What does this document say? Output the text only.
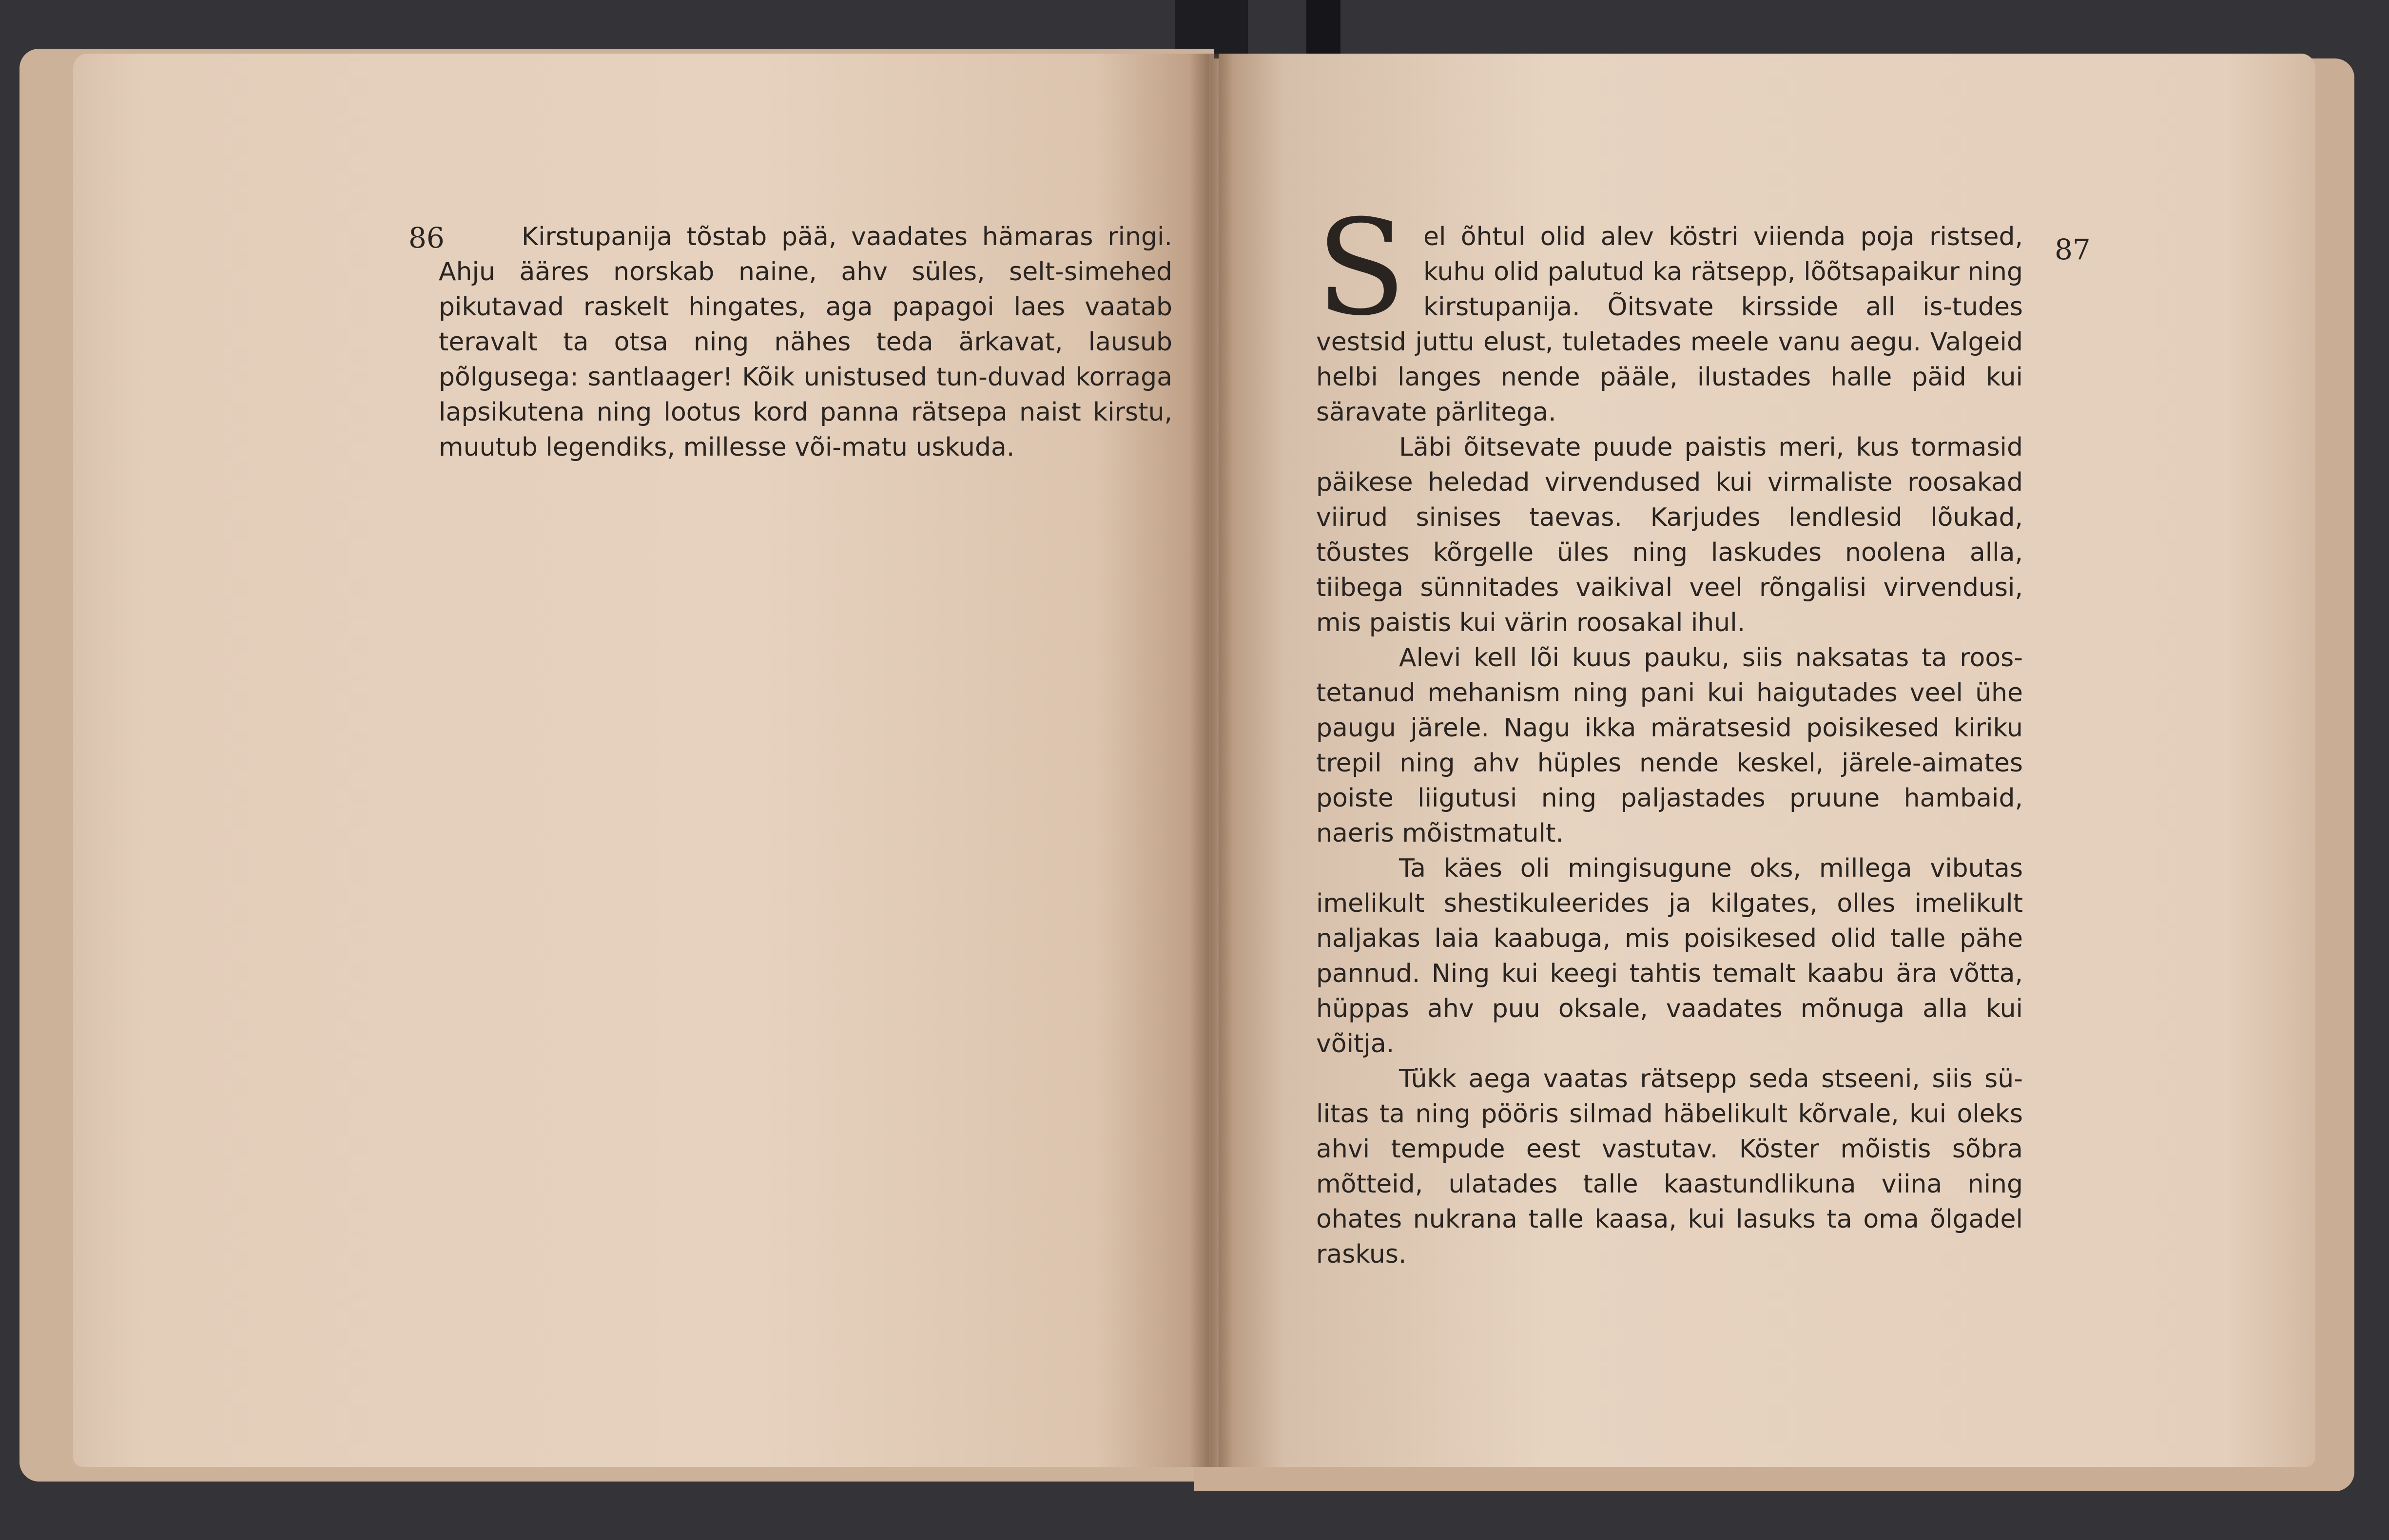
86	Kirstupanija tõstab pää, vaadates hämaras ringi. Ahju ääres norskab naine, ahv süles, selt-simehed pikutavad raskelt hingates, aga papagoi laes vaatab teravalt ta otsa ning nähes teda ärkavat, lausub põlgusega: santlaager! Kõik unistused tun-duvad korraga lapsikutena ning lootus kord panna rätsepa naist kirstu, muutub legendiks, millesse või-matu uskuda.

87

Sel õhtul olid alev köstri viienda poja ristsed, kuhu olid palutud ka rätsepp, lõõtsapaikur ning kirstupanija. Õitsvate kirsside all is-tudes vestsid juttu elust, tuletades meele vanu aegu. Valgeid helbi langes nende pääle, ilustades halle päid kui säravate pärlitega.

Läbi õitsevate puude paistis meri, kus tormasid päikese heledad virvendused kui virmaliste roosakad viirud sinises taevas. Karjudes lendlesid lõukad, tõustes kõrgelle üles ning laskudes noolena alla, tiibega sünnitades vaikival veel rõngalisi virvendusi, mis paistis kui värin roosakal ihul.

Alevi kell lõi kuus pauku, siis naksatas ta roos-tetanud mehanism ning pani kui haigutades veel ühe paugu järele. Nagu ikka märatsesid poisikesed kiriku trepil ning ahv hüples nende keskel, järele-aimates poiste liigutusi ning paljastades pruune hambaid, naeris mõistmatult.

Ta käes oli mingisugune oks, millega vibutas imelikult shestikuleerides ja kilgates, olles imelikult naljakas laia kaabuga, mis poisikesed olid talle pähe pannud. Ning kui keegi tahtis temalt kaabu ära võtta, hüppas ahv puu oksale, vaadates mõnuga alla kui võitja.

Tükk aega vaatas rätsepp seda stseeni, siis sü-litas ta ning pööris silmad häbelikult kõrvale, kui oleks ahvi tempude eest vastutav. Köster mõistis sõbra mõtteid, ulatades talle kaastundlikuna viina ning ohates nukrana talle kaasa, kui lasuks ta oma õlgadel raskus.
